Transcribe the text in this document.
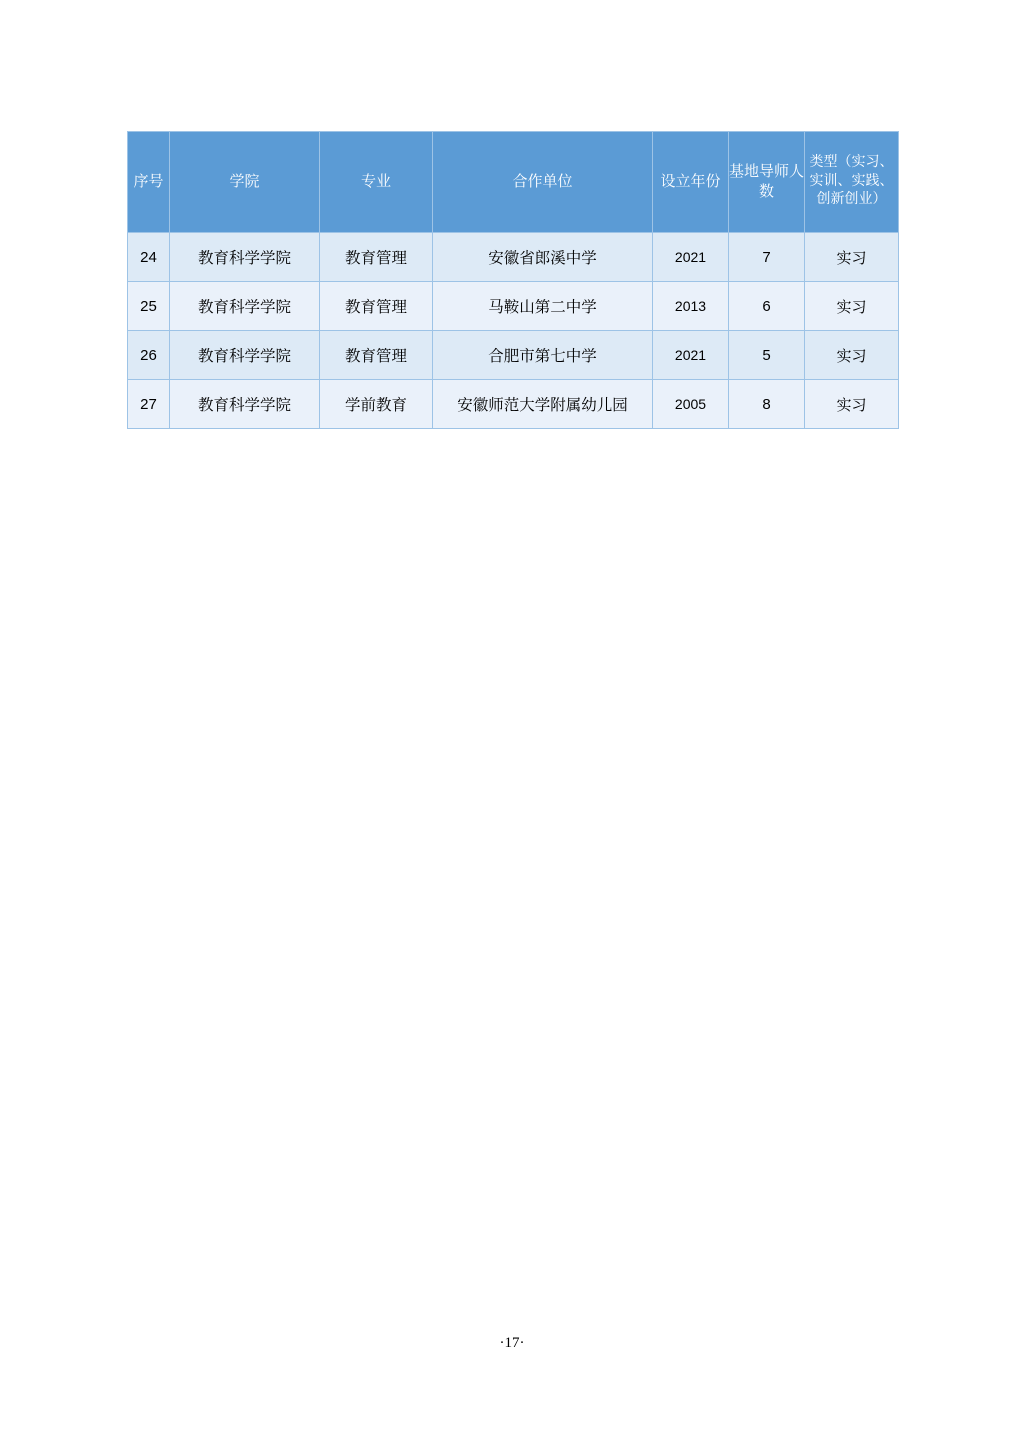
序号	学院	专业	合作单位	设立年份	基地导师人数	类型（实习、实训、实践、创新创业）
24	教育科学学院	教育管理	安徽省郎溪中学	2021	7	实习
25	教育科学学院	教育管理	马鞍山第二中学	2013	6	实习
26	教育科学学院	教育管理	合肥市第七中学	2021	5	实习
27	教育科学学院	学前教育	安徽师范大学附属幼儿园	2005	8	实习
·17·
